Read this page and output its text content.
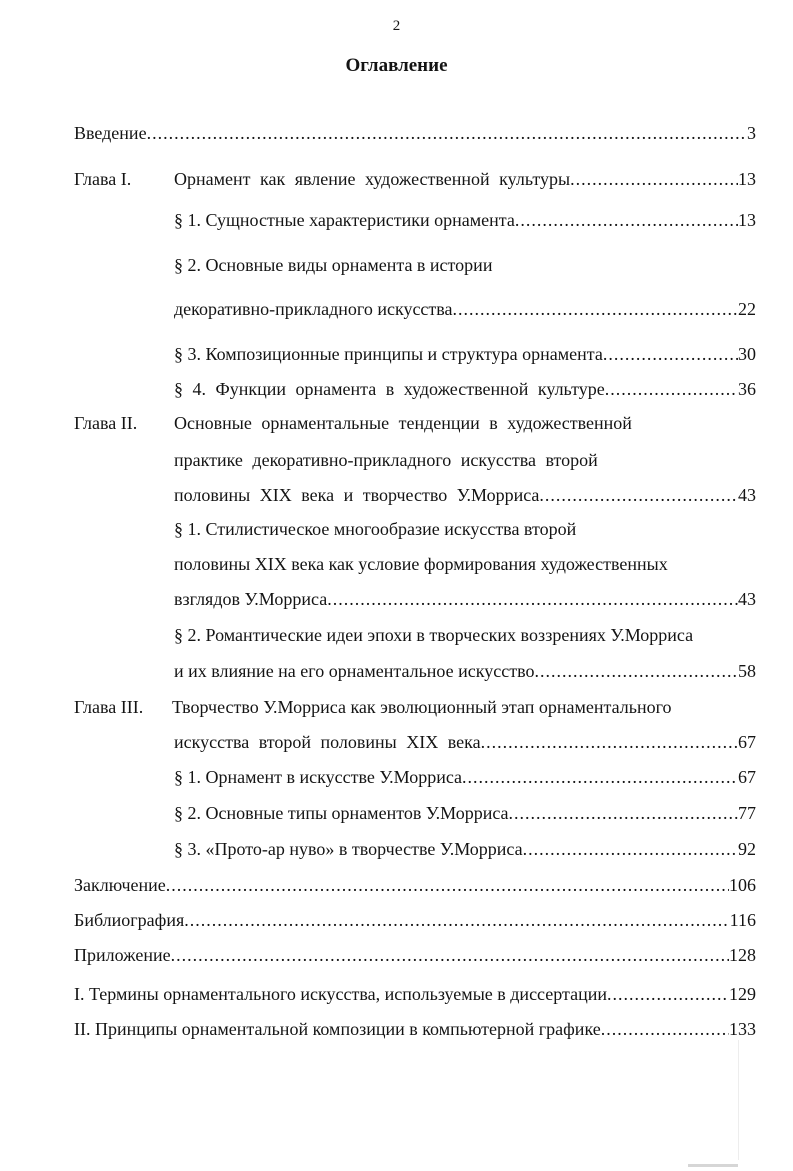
2
Оглавление
Введение .....	3
Глава I. Орнамент как явление художественной культуры .....	13
§ 1. Сущностные характеристики орнамента .....	13
§ 2. Основные виды орнамента в истории
декоративно-прикладного искусства .....	22
§ 3. Композиционные принципы и структура орнамента .....	30
§ 4. Функции орнамента в художественной культуре .....	36
Глава II. Основные орнаментальные тенденции в художественной
практике декоративно-прикладного искусства второй
половины XIX века и творчество У.Морриса .....	43
§ 1. Стилистическое многообразие искусства второй
половины XIX века как условие формирования художественных
взглядов У.Морриса .....	43
§ 2. Романтические идеи эпохи в творческих воззрениях У.Морриса
и их влияние на его орнаментальное искусство .....	58
Глава III. Творчество У.Морриса как эволюционный этап орнаментального
искусства второй половины XIX века .....	67
§ 1. Орнамент в искусстве У.Морриса .....	67
§ 2. Основные типы орнаментов У.Морриса .....	77
§ 3. «Прото-ар нуво» в творчестве У.Морриса .....	92
Заключение .....	106
Библиография .....	116
Приложение .....	128
I. Термины орнаментального искусства, используемые в диссертации .....	129
II. Принципы орнаментальной композиции в компьютерной графике .....	133
